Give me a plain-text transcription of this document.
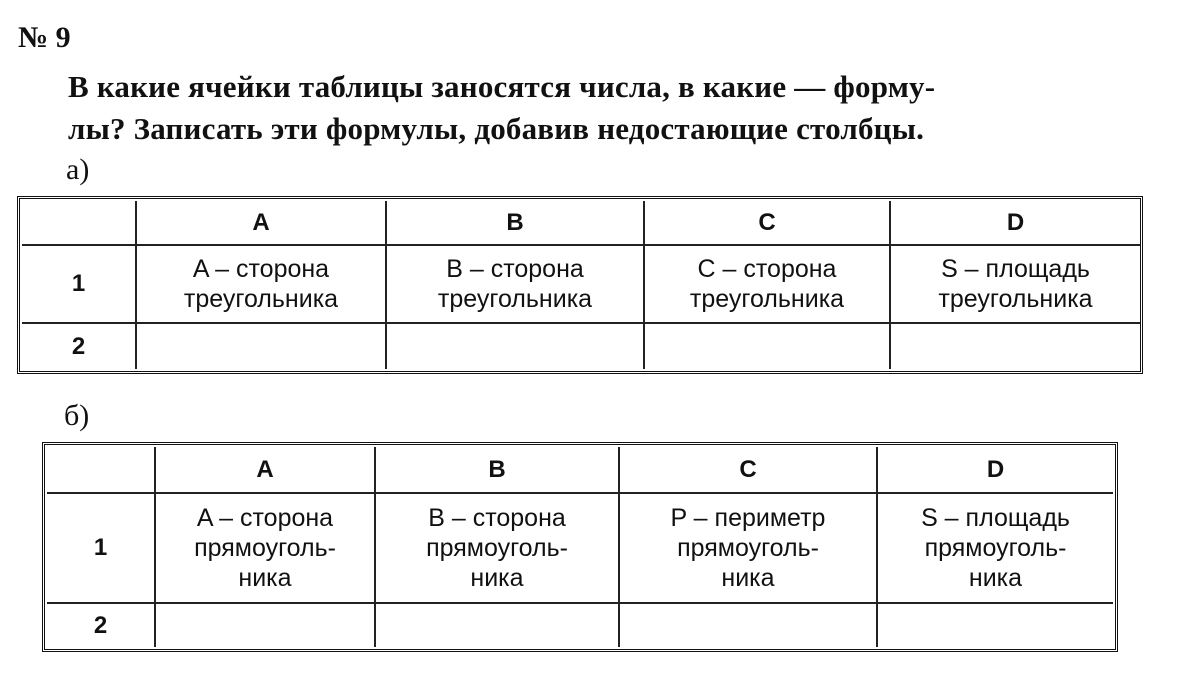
№ 9
В какие ячейки таблицы заносятся числа, в какие — форму-
лы? Записать эти формулы, добавив недостающие столбцы.
а)
	A	B	C	D
1	A – сторона
треугольника	B – сторона
треугольника	C – сторона
треугольника	S – площадь
треугольника
2				
б)
	A	B	C	D
1	A – сторона
прямоуголь-
ника	B – сторона
прямоуголь-
ника	P – периметр
прямоуголь-
ника	S – площадь
прямоуголь-
ника
2				
